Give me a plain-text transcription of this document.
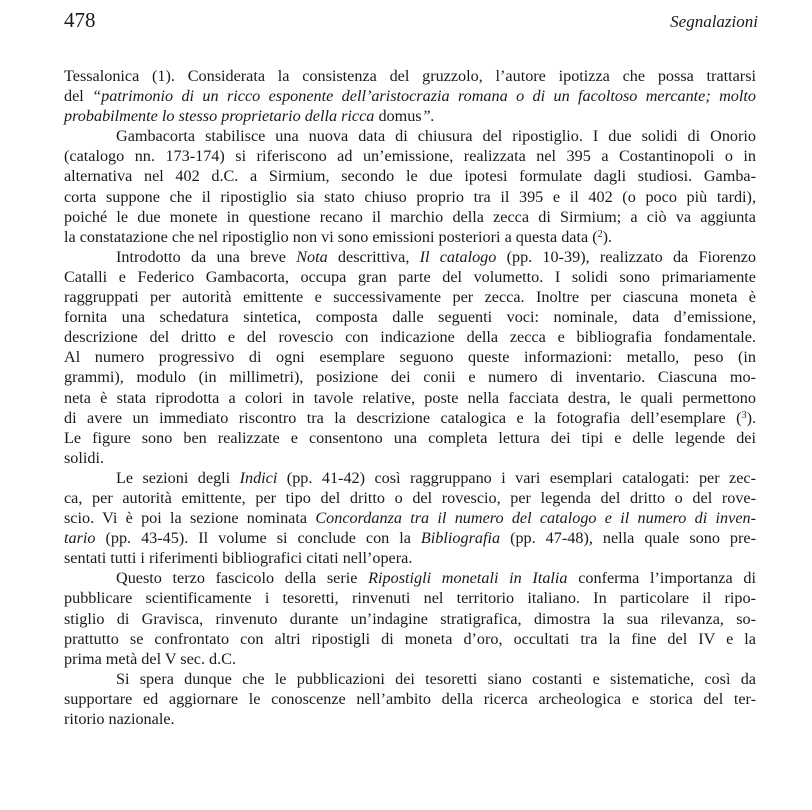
478	Segnalazioni
Tessalonica (1). Considerata la consistenza del gruzzolo, l’autore ipotizza che possa trattarsi
del “patrimonio di un ricco esponente dell’aristocrazia romana o di un facoltoso mercante; molto
probabilmente lo stesso proprietario della ricca domus”.
Gambacorta stabilisce una nuova data di chiusura del ripostiglio. I due solidi di Onorio
(catalogo nn. 173-174) si riferiscono ad un’emissione, realizzata nel 395 a Costantinopoli o in
alternativa nel 402 d.C. a Sirmium, secondo le due ipotesi formulate dagli studiosi. Gamba-
corta suppone che il ripostiglio sia stato chiuso proprio tra il 395 e il 402 (o poco più tardi),
poiché le due monete in questione recano il marchio della zecca di Sirmium; a ciò va aggiunta
la constatazione che nel ripostiglio non vi sono emissioni posteriori a questa data ($^2$).
Introdotto da una breve Nota descrittiva, Il catalogo (pp. 10-39), realizzato da Fiorenzo
Catalli e Federico Gambacorta, occupa gran parte del volumetto. I solidi sono primariamente
raggruppati per autorità emittente e successivamente per zecca. Inoltre per ciascuna moneta è
fornita una schedatura sintetica, composta dalle seguenti voci: nominale, data d’emissione,
descrizione del dritto e del rovescio con indicazione della zecca e bibliografia fondamentale.
Al numero progressivo di ogni esemplare seguono queste informazioni: metallo, peso (in
grammi), modulo (in millimetri), posizione dei conii e numero di inventario. Ciascuna mo-
neta è stata riprodotta a colori in tavole relative, poste nella facciata destra, le quali permettono
di avere un immediato riscontro tra la descrizione catalogica e la fotografia dell’esemplare ($^3$).
Le figure sono ben realizzate e consentono una completa lettura dei tipi e delle legende dei
solidi.
Le sezioni degli Indici (pp. 41-42) così raggruppano i vari esemplari catalogati: per zec-
ca, per autorità emittente, per tipo del dritto o del rovescio, per legenda del dritto o del rove-
scio. Vi è poi la sezione nominata Concordanza tra il numero del catalogo e il numero di inven-
tario (pp. 43-45). Il volume si conclude con la Bibliografia (pp. 47-48), nella quale sono pre-
sentati tutti i riferimenti bibliografici citati nell’opera.
Questo terzo fascicolo della serie Ripostigli monetali in Italia conferma l’importanza di
pubblicare scientificamente i tesoretti, rinvenuti nel territorio italiano. In particolare il ripo-
stiglio di Gravisca, rinvenuto durante un’indagine stratigrafica, dimostra la sua rilevanza, so-
prattutto se confrontato con altri ripostigli di moneta d’oro, occultati tra la fine del IV e la
prima metà del V sec. d.C.
Si spera dunque che le pubblicazioni dei tesoretti siano costanti e sistematiche, così da
supportare ed aggiornare le conoscenze nell’ambito della ricerca archeologica e storica del ter-
ritorio nazionale.
